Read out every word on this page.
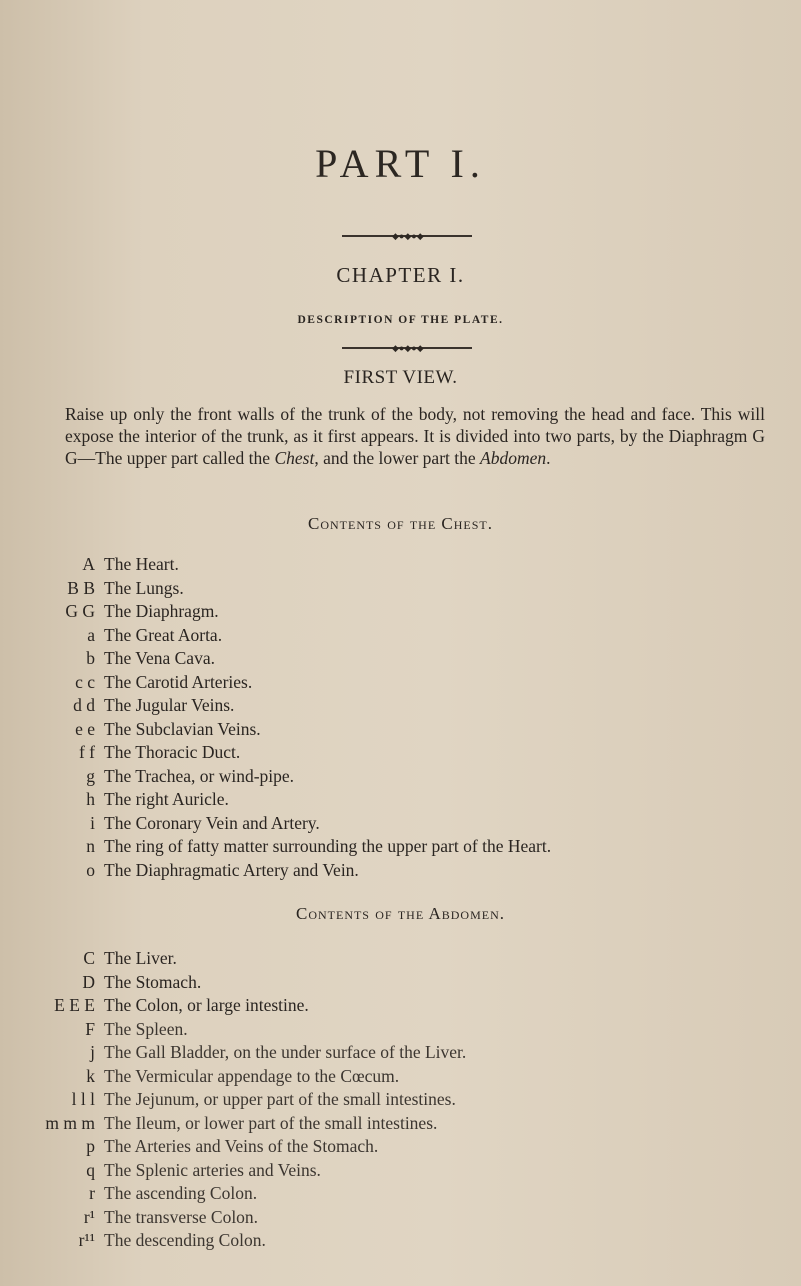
PART I.
◆●◆●◆
CHAPTER I.
DESCRIPTION OF THE PLATE.
◆●◆●◆
FIRST VIEW.

Raise up only the front walls of the trunk of the body, not removing the head and face. This will expose the interior of the trunk, as it first appears. It is divided into two parts, by the Diaphragm G G—The upper part called the Chest, and the lower part the Abdomen.

Contents of the Chest.
A The Heart.
B B The Lungs.
G G The Diaphragm.
a The Great Aorta.
b The Vena Cava.
c c The Carotid Arteries.
d d The Jugular Veins.
e e The Subclavian Veins.
f f The Thoracic Duct.
g The Trachea, or wind-pipe.
h The right Auricle.
i The Coronary Vein and Artery.
n The ring of fatty matter surrounding the upper part of the Heart.
o The Diaphragmatic Artery and Vein.
Contents of the Abdomen.
C The Liver.
D The Stomach.
E E E The Colon, or large intestine.
F The Spleen.
j The Gall Bladder, on the under surface of the Liver.
k The Vermicular appendage to the Cœcum.
l l l The Jejunum, or upper part of the small intestines.
m m m The Ileum, or lower part of the small intestines.
p The Arteries and Veins of the Stomach.
q The Splenic arteries and Veins.
r The ascending Colon.
r¹ The transverse Colon.
r¹¹ The descending Colon.
